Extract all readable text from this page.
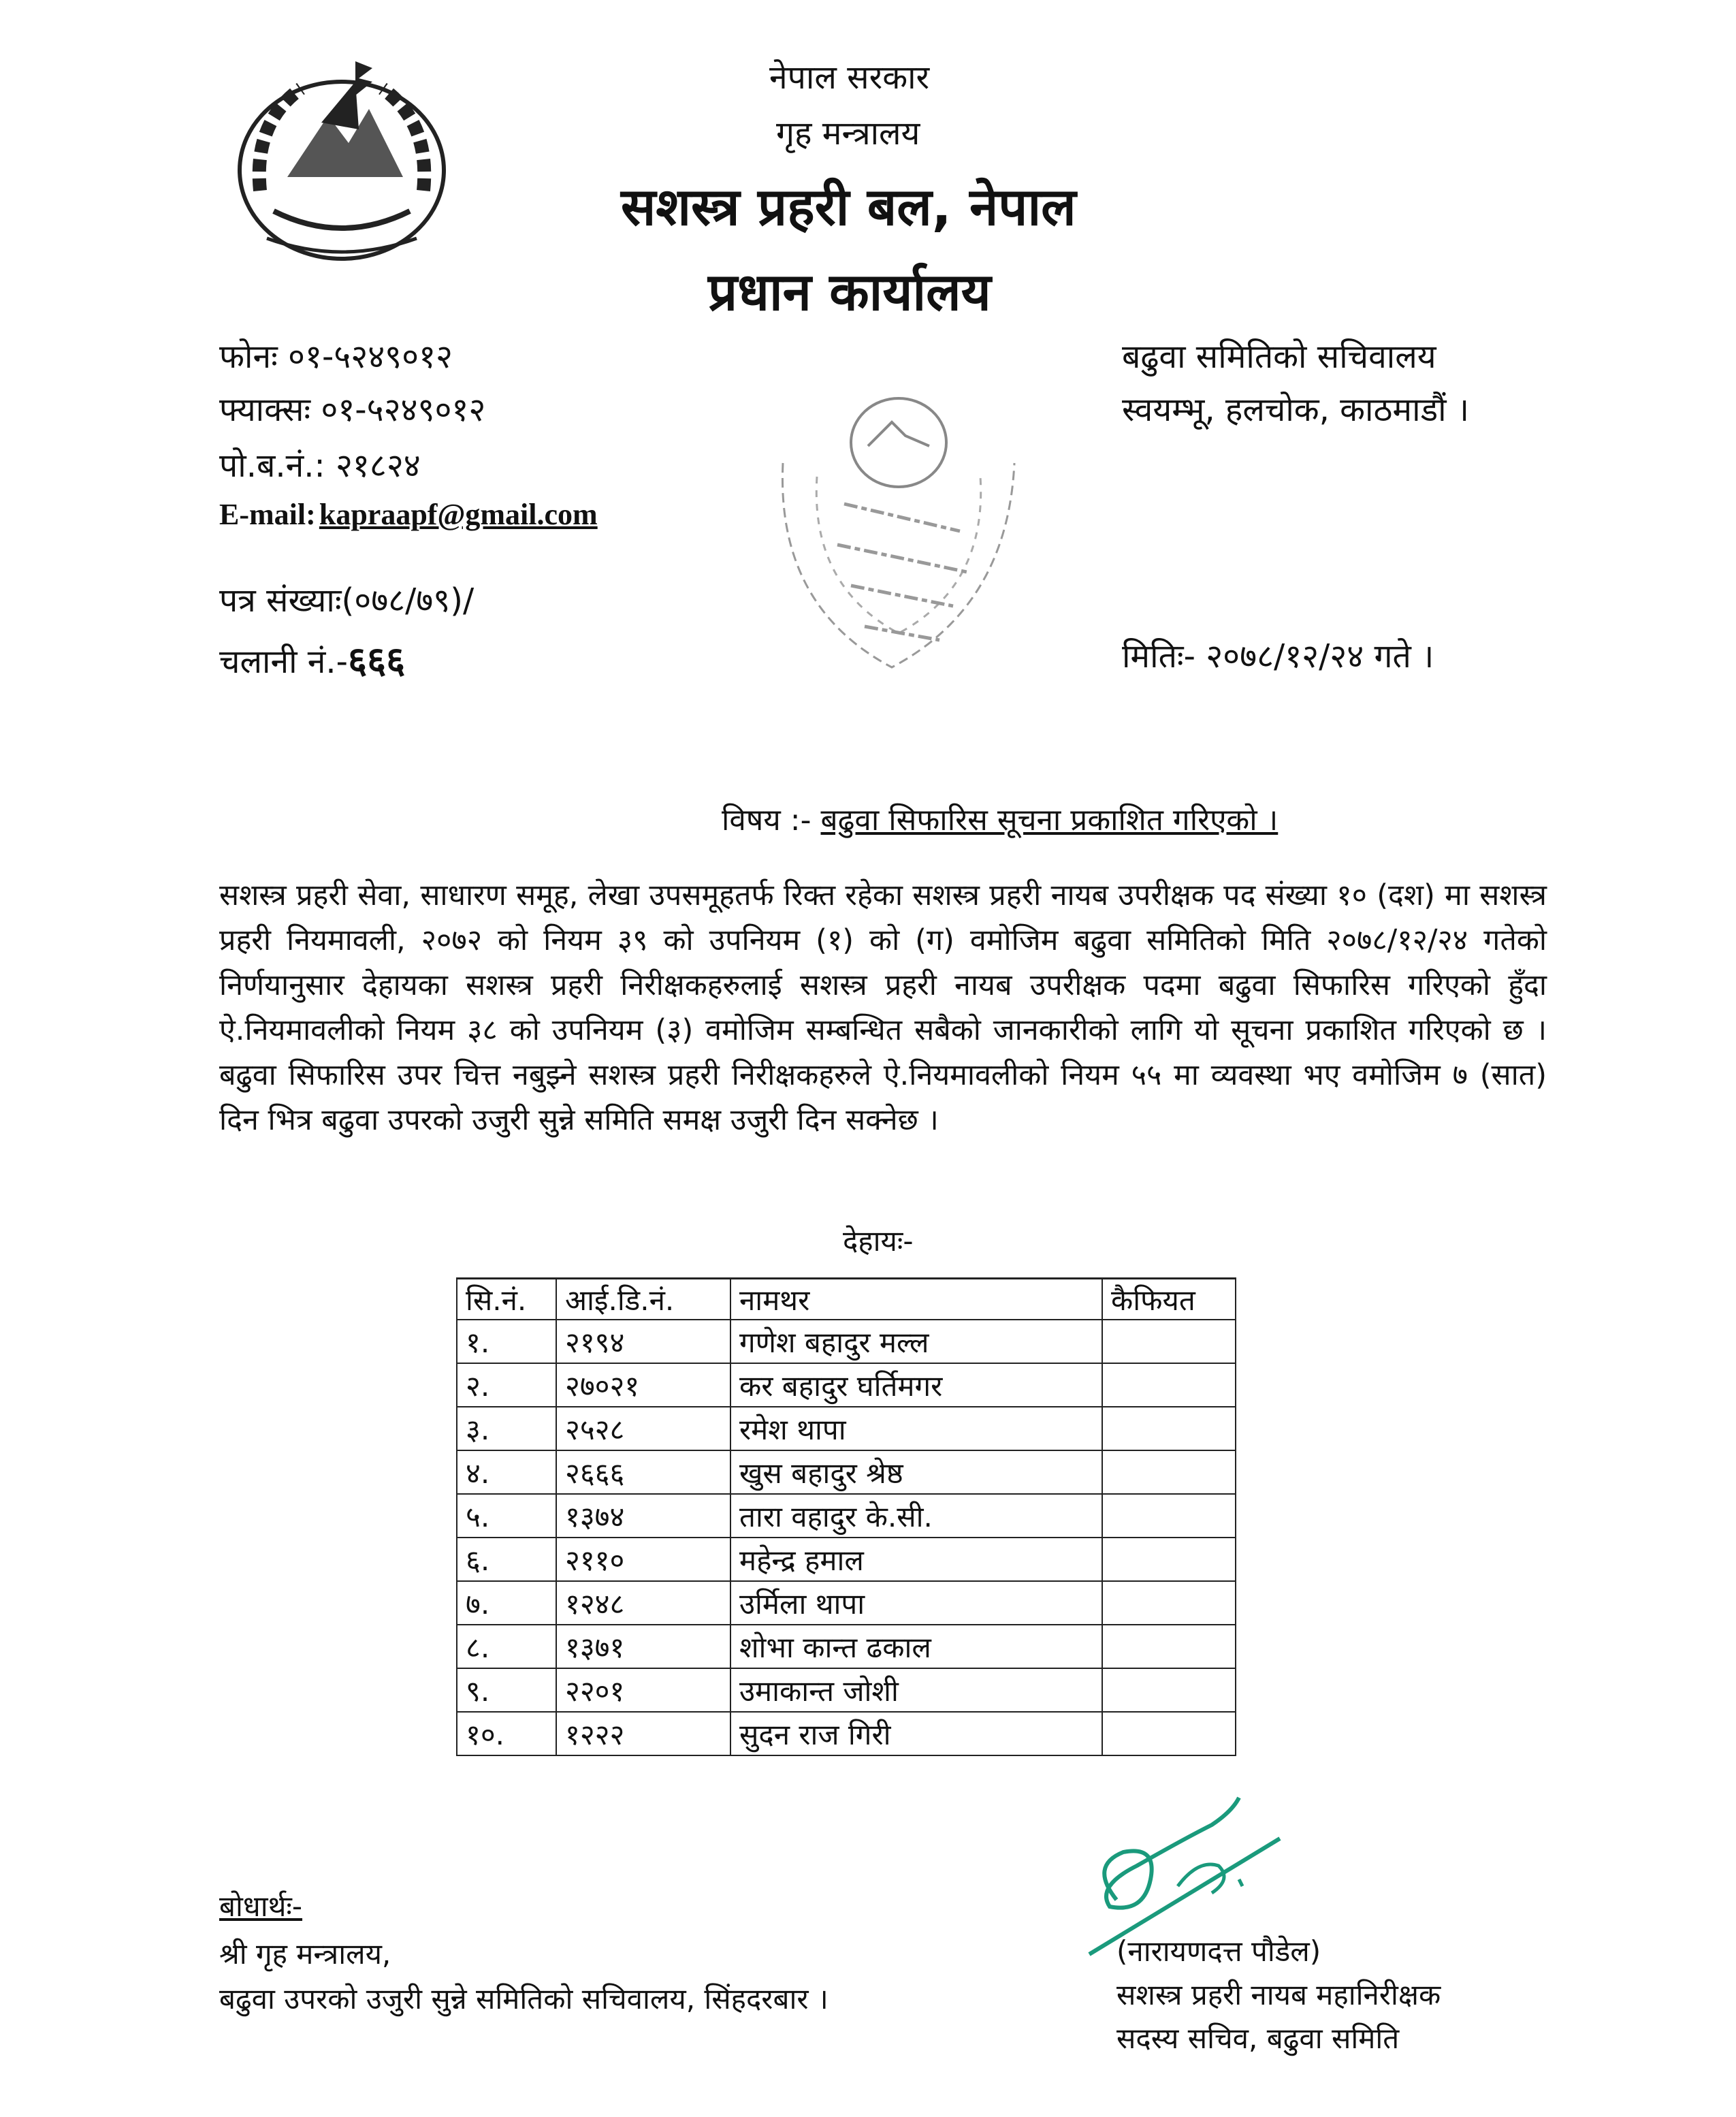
नेपाल सरकार
गृह मन्त्रालय
सशस्त्र प्रहरी बल, नेपाल
प्रधान कार्यालय
फोनः ०१-५२४९०१२
फ्याक्सः ०१-५२४९०१२
पो.ब.नं.: २१८२४
E-mail: kapraapf@gmail.com
बढुवा समितिको सचिवालय
स्वयम्भू, हलचोक, काठमाडौं ।
पत्र संख्याः(०७८/७९)/
चलानी नं.-६६६	मितिः- २०७८/१२/२४ गते ।
विषय :- बढुवा सिफारिस सूचना प्रकाशित गरिएको ।
सशस्त्र प्रहरी सेवा, साधारण समूह, लेखा उपसमूहतर्फ रिक्त रहेका सशस्त्र प्रहरी नायब उपरीक्षक पद संख्या १० (दश) मा सशस्त्र प्रहरी नियमावली, २०७२ को नियम ३९ को उपनियम (१) को (ग) वमोजिम बढुवा समितिको मिति २०७८/१२/२४ गतेको निर्णयानुसार देहायका सशस्त्र प्रहरी निरीक्षकहरुलाई सशस्त्र प्रहरी नायब उपरीक्षक पदमा बढुवा सिफारिस गरिएको हुँदा ऐ.नियमावलीको नियम ३८ को उपनियम (३) वमोजिम सम्बन्धित सबैको जानकारीको लागि यो सूचना प्रकाशित गरिएको छ । बढुवा सिफारिस उपर चित्त नबुझ्ने सशस्त्र प्रहरी निरीक्षकहरुले ऐ.नियमावलीको नियम ५५ मा व्यवस्था भए वमोजिम ७ (सात) दिन भित्र बढुवा उपरको उजुरी सुन्ने समिति समक्ष उजुरी दिन सक्नेछ ।
देहायः-
सि.नं.	आई.डि.नं.	नामथर	कैफियत
१.	२१९४	गणेश बहादुर मल्ल	
२.	२७०२१	कर बहादुर घर्तिमगर	
३.	२५२८	रमेश थापा	
४.	२६६६	खुस बहादुर श्रेष्ठ	
५.	१३७४	तारा वहादुर के.सी.	
६.	२११०	महेन्द्र हमाल	
७.	१२४८	उर्मिला थापा	
८.	१३७१	शोभा कान्त ढकाल	
९.	२२०१	उमाकान्त जोशी	
१०.	१२२२	सुदन राज गिरी	
बोधार्थः-
श्री गृह मन्त्रालय,
बढुवा उपरको उजुरी सुन्ने समितिको सचिवालय, सिंहदरबार ।
(नारायणदत्त पौडेल)
सशस्त्र प्रहरी नायब महानिरीक्षक
सदस्य सचिव, बढुवा समिति
